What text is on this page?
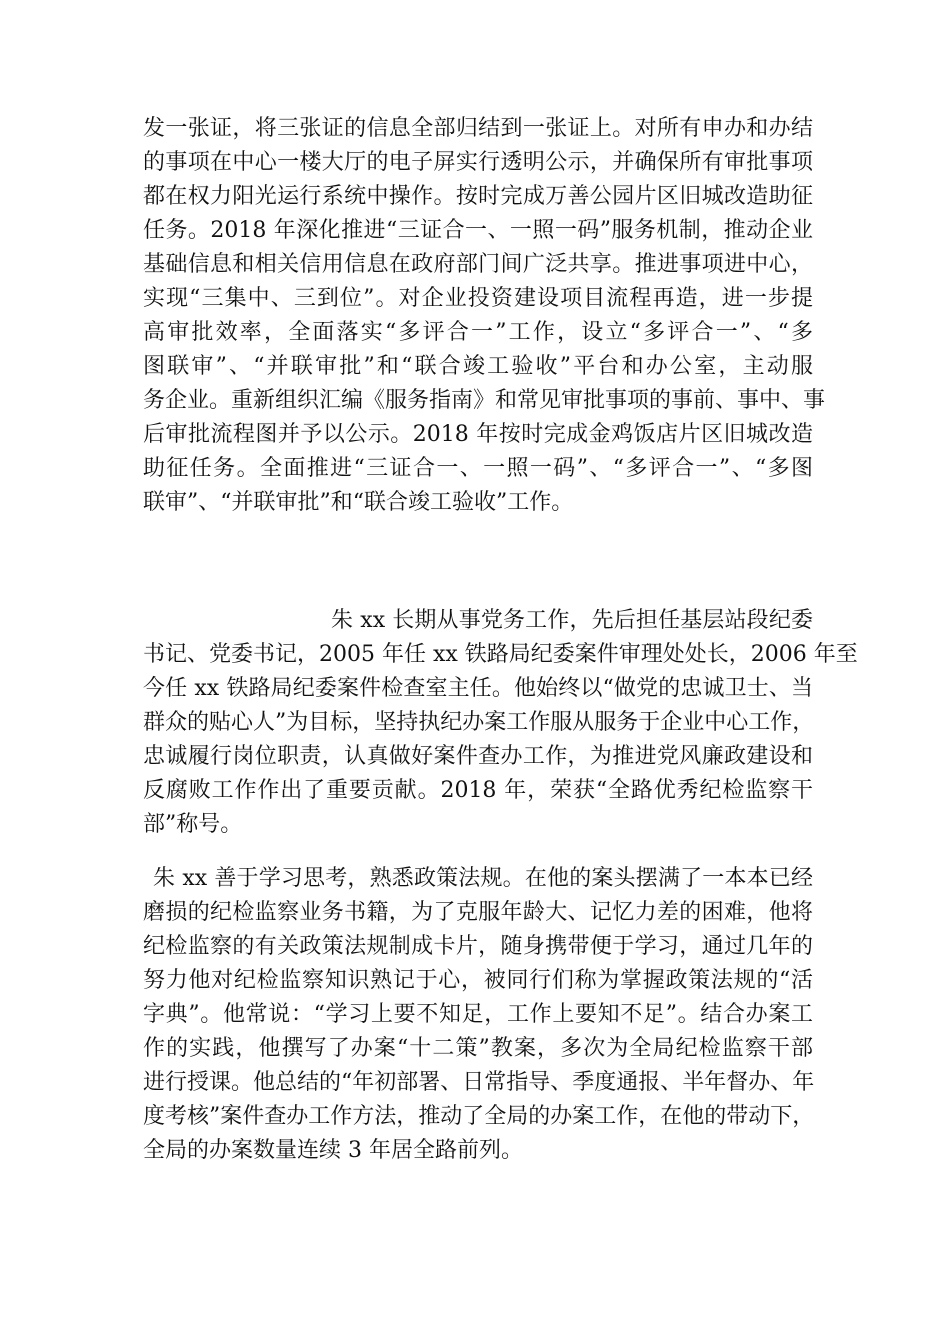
发一张证，将三张证的信息全部归结到一张证上。对所有申办和办结
的事项在中心一楼大厅的电子屏实行透明公示，并确保所有审批事项
都在权力阳光运行系统中操作。按时完成万善公园片区旧城改造助征
任务。2018 年深化推进“三证合一、一照一码”服务机制，推动企业
基础信息和相关信用信息在政府部门间广泛共享。推进事项进中心，
实现“三集中、三到位”。对企业投资建设项目流程再造，进一步提
高审批效率，全面落实“多评合一”工作，设立“多评合一”、“多
图联审”、“并联审批”和“联合竣工验收”平台和办公室，主动服
务企业。重新组织汇编《服务指南》和常见审批事项的事前、事中、事
后审批流程图并予以公示。2018 年按时完成金鸡饭店片区旧城改造
助征任务。全面推进“三证合一、一照一码”、“多评合一”、“多图
联审”、“并联审批”和“联合竣工验收”工作。
朱 xx 长期从事党务工作，先后担任基层站段纪委
书记、党委书记，2005 年任 xx 铁路局纪委案件审理处处长，2006 年至
今任 xx 铁路局纪委案件检查室主任。他始终以“做党的忠诚卫士、当
群众的贴心人”为目标，坚持执纪办案工作服从服务于企业中心工作，
忠诚履行岗位职责，认真做好案件查办工作，为推进党风廉政建设和
反腐败工作作出了重要贡献。2018 年，荣获“全路优秀纪检监察干
部”称号。
朱 xx 善于学习思考，熟悉政策法规。在他的案头摆满了一本本已经
磨损的纪检监察业务书籍，为了克服年龄大、记忆力差的困难，他将
纪检监察的有关政策法规制成卡片，随身携带便于学习，通过几年的
努力他对纪检监察知识熟记于心，被同行们称为掌握政策法规的“活
字典”。他常说：“学习上要不知足，工作上要知不足”。结合办案工
作的实践，他撰写了办案“十二策”教案，多次为全局纪检监察干部
进行授课。他总结的“年初部署、日常指导、季度通报、半年督办、年
度考核”案件查办工作方法，推动了全局的办案工作，在他的带动下，
全局的办案数量连续 3 年居全路前列。
